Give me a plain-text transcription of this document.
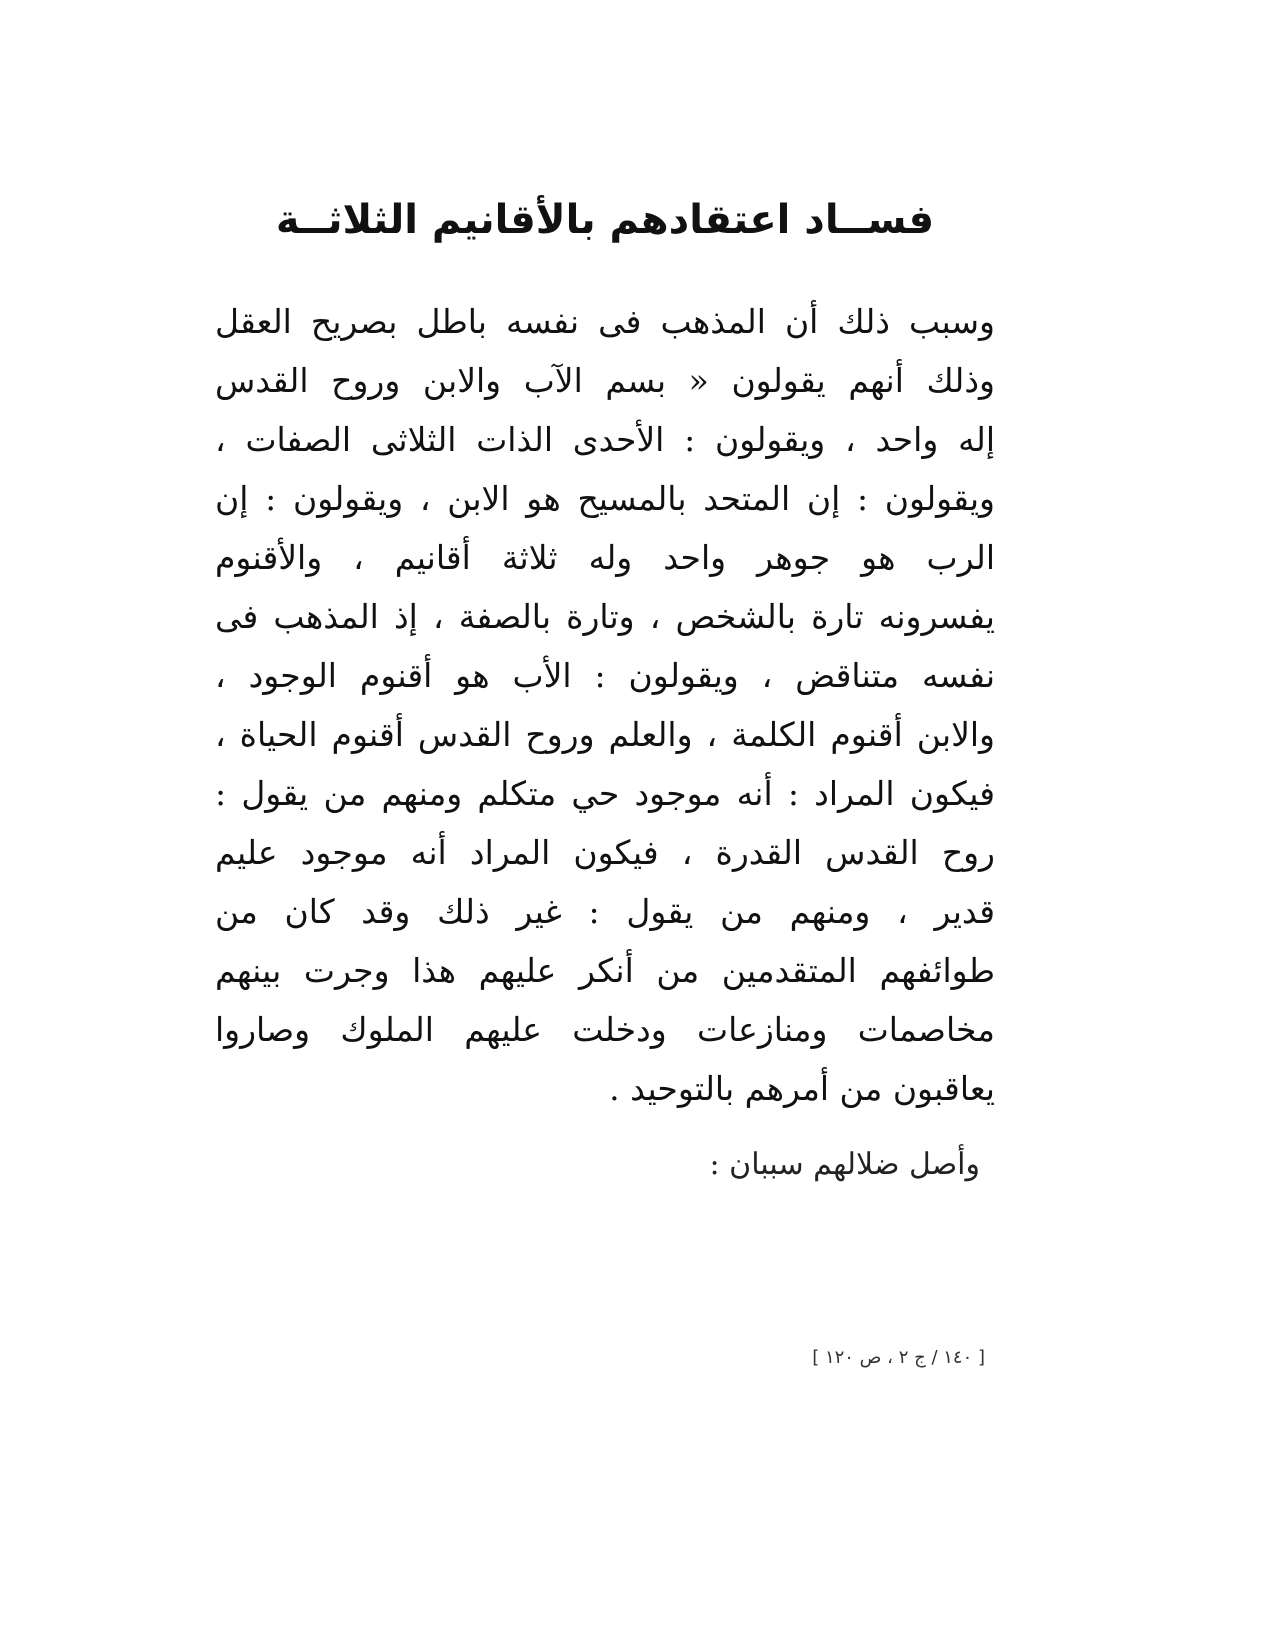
فســاد اعتقادهم بالأقانيم الثلاثــة
وسبب ذلك أن المذهب فى نفسه باطل بصريح العقل
وذلك أنهم يقولون « بسم الآب والابن وروح القدس
إله واحد ، ويقولون : الأحدى الذات الثلاثى الصفات ،
ويقولون : إن المتحد بالمسيح هو الابن ، ويقولون : إن
الرب هو جوهر واحد وله ثلاثة أقانيم ، والأقنوم
يفسرونه تارة بالشخص ، وتارة بالصفة ، إذ المذهب فى
نفسه متناقض ، ويقولون : الأب هو أقنوم الوجود ،
والابن أقنوم الكلمة ، والعلم وروح القدس أقنوم الحياة ،
فيكون المراد : أنه موجود حي متكلم ومنهم من يقول :
روح القدس القدرة ، فيكون المراد أنه موجود عليم
قدير ، ومنهم من يقول : غير ذلك وقد كان من
طوائفهم المتقدمين من أنكر عليهم هذا وجرت بينهم
مخاصمات ومنازعات ودخلت عليهم الملوك وصاروا
يعاقبون من أمرهم بالتوحيد .
وأصل ضلالهم سببان :
[ ١٤٠ / ج ٢ ، ص ١٢٠ ]
